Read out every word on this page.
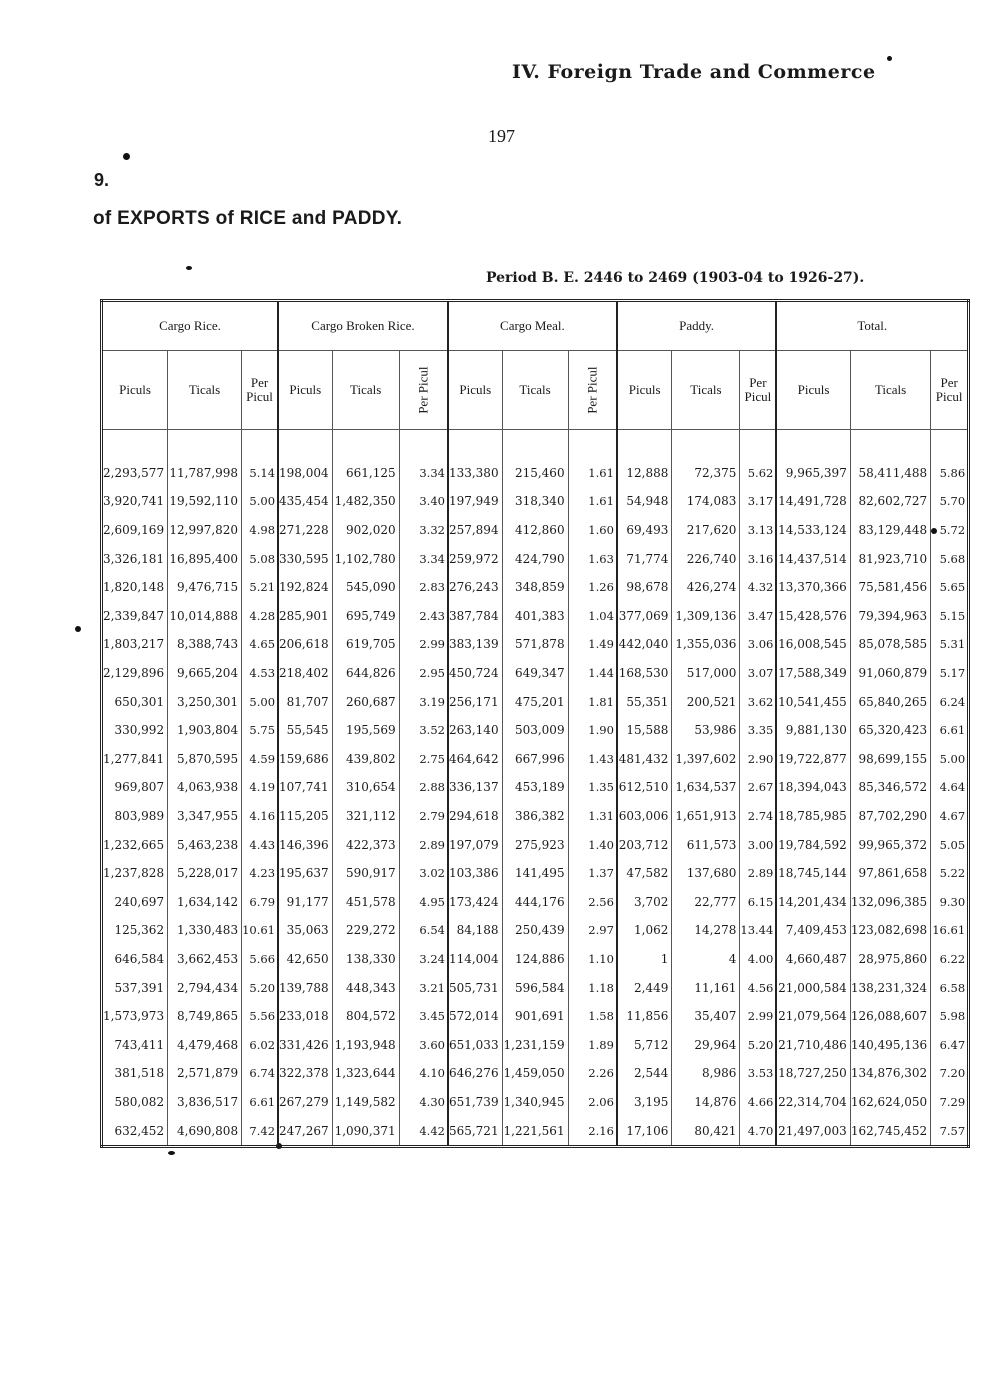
IV. Foreign Trade and Commerce
197
9.
of EXPORTS of RICE and PADDY.
Period B. E. 2446 to 2469 (1903-04 to 1926-27).
Cargo Rice.			Cargo Broken Rice.			Cargo Meal.			Paddy.			Total.		
Piculs	Ticals	Per Picul	Piculs	Ticals	Per Picul	Piculs	Ticals	Per Picul	Piculs	Ticals	Per Picul	Piculs	Ticals	Per Picul

2,293,577	11,787,998	5.14	198,004	661,125	3.34	133,380	215,460	1.61	12,888	72,375	5.62	9,965,397	58,411,488	5.86
3,920,741	19,592,110	5.00	435,454	1,482,350	3.40	197,949	318,340	1.61	54,948	174,083	3.17	14,491,728	82,602,727	5.70
2,609,169	12,997,820	4.98	271,228	902,020	3.32	257,894	412,860	1.60	69,493	217,620	3.13	14,533,124	83,129,448	5.72
3,326,181	16,895,400	5.08	330,595	1,102,780	3.34	259,972	424,790	1.63	71,774	226,740	3.16	14,437,514	81,923,710	5.68
1,820,148	9,476,715	5.21	192,824	545,090	2.83	276,243	348,859	1.26	98,678	426,274	4.32	13,370,366	75,581,456	5.65
2,339,847	10,014,888	4.28	285,901	695,749	2.43	387,784	401,383	1.04	377,069	1,309,136	3.47	15,428,576	79,394,963	5.15
1,803,217	8,388,743	4.65	206,618	619,705	2.99	383,139	571,878	1.49	442,040	1,355,036	3.06	16,008,545	85,078,585	5.31
2,129,896	9,665,204	4.53	218,402	644,826	2.95	450,724	649,347	1.44	168,530	517,000	3.07	17,588,349	91,060,879	5.17
650,301	3,250,301	5.00	81,707	260,687	3.19	256,171	475,201	1.81	55,351	200,521	3.62	10,541,455	65,840,265	6.24
330,992	1,903,804	5.75	55,545	195,569	3.52	263,140	503,009	1.90	15,588	53,986	3.35	9,881,130	65,320,423	6.61
1,277,841	5,870,595	4.59	159,686	439,802	2.75	464,642	667,996	1.43	481,432	1,397,602	2.90	19,722,877	98,699,155	5.00
969,807	4,063,938	4.19	107,741	310,654	2.88	336,137	453,189	1.35	612,510	1,634,537	2.67	18,394,043	85,346,572	4.64
803,989	3,347,955	4.16	115,205	321,112	2.79	294,618	386,382	1.31	603,006	1,651,913	2.74	18,785,985	87,702,290	4.67
1,232,665	5,463,238	4.43	146,396	422,373	2.89	197,079	275,923	1.40	203,712	611,573	3.00	19,784,592	99,965,372	5.05
1,237,828	5,228,017	4.23	195,637	590,917	3.02	103,386	141,495	1.37	47,582	137,680	2.89	18,745,144	97,861,658	5.22
240,697	1,634,142	6.79	91,177	451,578	4.95	173,424	444,176	2.56	3,702	22,777	6.15	14,201,434	132,096,385	9.30
125,362	1,330,483	10.61	35,063	229,272	6.54	84,188	250,439	2.97	1,062	14,278	13.44	7,409,453	123,082,698	16.61
646,584	3,662,453	5.66	42,650	138,330	3.24	114,004	124,886	1.10	1	4	4.00	4,660,487	28,975,860	6.22
537,391	2,794,434	5.20	139,788	448,343	3.21	505,731	596,584	1.18	2,449	11,161	4.56	21,000,584	138,231,324	6.58
1,573,973	8,749,865	5.56	233,018	804,572	3.45	572,014	901,691	1.58	11,856	35,407	2.99	21,079,564	126,088,607	5.98
743,411	4,479,468	6.02	331,426	1,193,948	3.60	651,033	1,231,159	1.89	5,712	29,964	5.20	21,710,486	140,495,136	6.47
381,518	2,571,879	6.74	322,378	1,323,644	4.10	646,276	1,459,050	2.26	2,544	8,986	3.53	18,727,250	134,876,302	7.20
580,082	3,836,517	6.61	267,279	1,149,582	4.30	651,739	1,340,945	2.06	3,195	14,876	4.66	22,314,704	162,624,050	7.29
632,452	4,690,808	7.42	247,267	1,090,371	4.42	565,721	1,221,561	2.16	17,106	80,421	4.70	21,497,003	162,745,452	7.57
